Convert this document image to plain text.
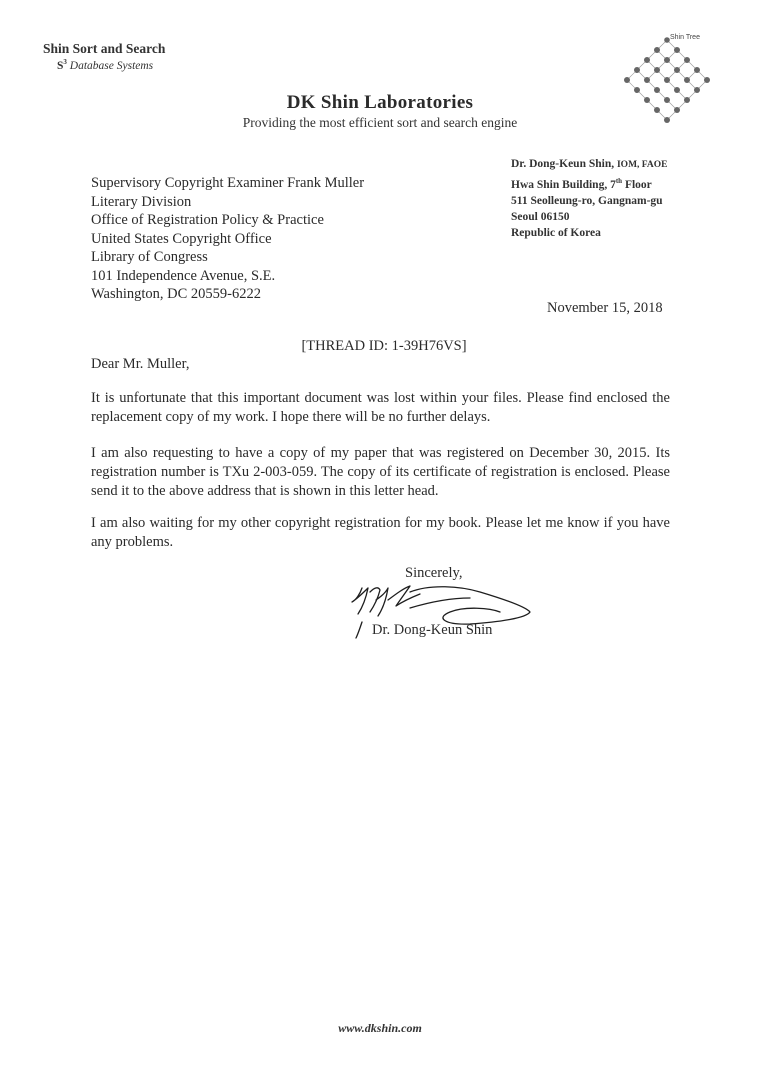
Shin Sort and Search
$S^3$ Database Systems
Shin Tree
DK Shin Laboratories
Providing the most efficient sort and search engine
Dr. Dong-Keun Shin, IOM, FAOE
Hwa Shin Building, 7th Floor
511 Seolleung-ro, Gangnam-gu
Seoul 06150
Republic of Korea
Supervisory Copyright Examiner Frank Muller
Literary Division
Office of Registration Policy & Practice
United States Copyright Office
Library of Congress
101 Independence Avenue, S.E.
Washington, DC 20559-6222
November 15, 2018
[THREAD ID: 1-39H76VS]
Dear Mr. Muller,

It is unfortunate that this important document was lost within your files. Please find enclosed the replacement copy of my work. I hope there will be no further delays.

I am also requesting to have a copy of my paper that was registered on December 30, 2015. Its registration number is TXu 2-003-059. The copy of its certificate of registration is enclosed. Please send it to the above address that is shown in this letter head.

I am also waiting for my other copyright registration for my book. Please let me know if you have any problems.

Sincerely,
Dr. Dong-Keun Shin
www.dkshin.com
